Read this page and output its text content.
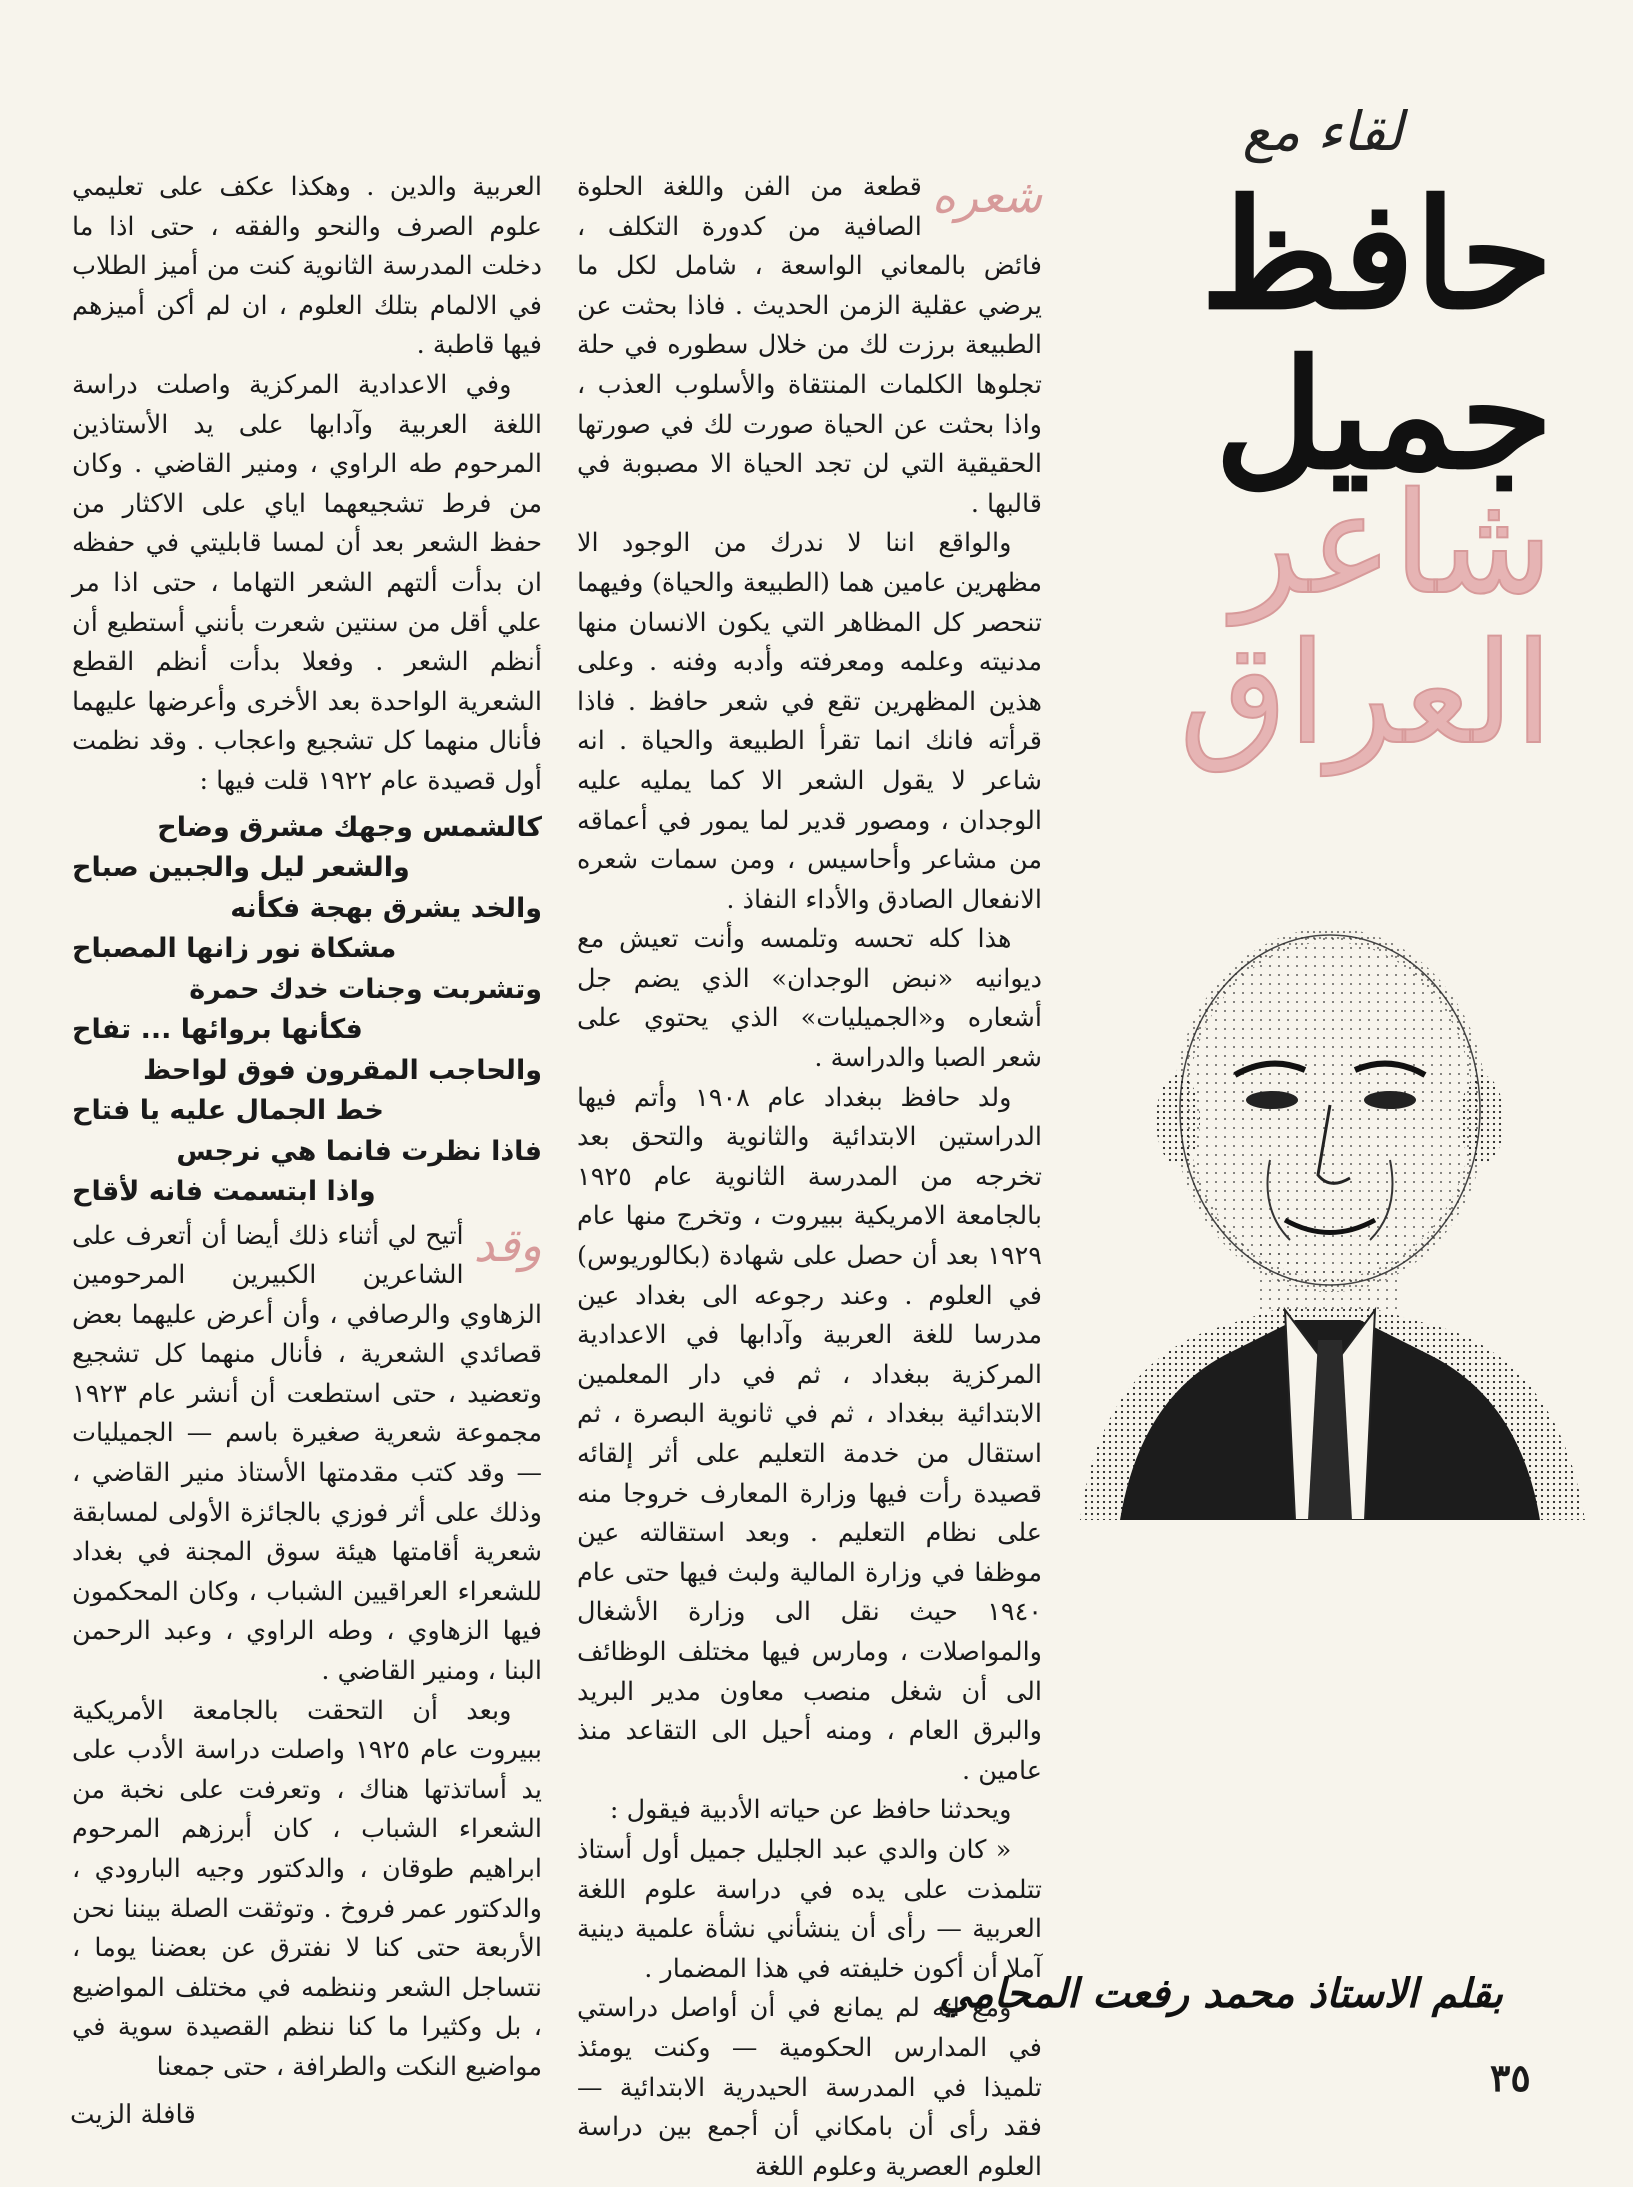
لقاء مع
حافظ جميل
شاعر العراق
بقلم الاستاذ محمد رفعت المحامي
٣٥
قافلة الزيت
شعره

قطعة من الفن واللغة الحلوة الصافية من كدورة التكلف ، فائض بالمعاني الواسعة ، شامل لكل ما يرضي عقلية الزمن الحديث . فاذا بحثت عن الطبيعة برزت لك من خلال سطوره في حلة تجلوها الكلمات المنتقاة والأسلوب العذب ، واذا بحثت عن الحياة صورت لك في صورتها الحقيقية التي لن تجد الحياة الا مصبوبة في قالبها .

والواقع اننا لا ندرك من الوجود الا مظهرين عامين هما (الطبيعة والحياة) وفيهما تنحصر كل المظاهر التي يكون الانسان منها مدنيته وعلمه ومعرفته وأدبه وفنه . وعلى هذين المظهرين تقع في شعر حافظ . فاذا قرأته فانك انما تقرأ الطبيعة والحياة . انه شاعر لا يقول الشعر الا كما يمليه عليه الوجدان ، ومصور قدير لما يمور في أعماقه من مشاعر وأحاسيس ، ومن سمات شعره الانفعال الصادق والأداء النفاذ .

هذا كله تحسه وتلمسه وأنت تعيش مع ديوانيه «نبض الوجدان» الذي يضم جل أشعاره و«الجميليات» الذي يحتوي على شعر الصبا والدراسة .

ولد حافظ ببغداد عام ١٩٠٨ وأتم فيها الدراستين الابتدائية والثانوية والتحق بعد تخرجه من المدرسة الثانوية عام ١٩٢٥ بالجامعة الامريكية ببيروت ، وتخرج منها عام ١٩٢٩ بعد أن حصل على شهادة (بكالوريوس) في العلوم . وعند رجوعه الى بغداد عين مدرسا للغة العربية وآدابها في الاعدادية المركزية ببغداد ، ثم في دار المعلمين الابتدائية ببغداد ، ثم في ثانوية البصرة ، ثم استقال من خدمة التعليم على أثر إلقائه قصيدة رأت فيها وزارة المعارف خروجا منه على نظام التعليم . وبعد استقالته عين موظفا في وزارة المالية ولبث فيها حتى عام ١٩٤٠ حيث نقل الى وزارة الأشغال والمواصلات ، ومارس فيها مختلف الوظائف الى أن شغل منصب معاون مدير البريد والبرق العام ، ومنه أحيل الى التقاعد منذ عامين .

ويحدثنا حافظ عن حياته الأدبية فيقول :

« كان والدي عبد الجليل جميل أول أستاذ تتلمذت على يده في دراسة علوم اللغة العربية — رأى أن ينشأني نشأة علمية دينية آملا أن أكون خليفته في هذا المضمار .

ومع انه لم يمانع في أن أواصل دراستي في المدارس الحكومية — وكنت يومئذ تلميذا في المدرسة الحيدرية الابتدائية — فقد رأى أن بامكاني أن أجمع بين دراسة العلوم العصرية وعلوم اللغة

العربية والدين . وهكذا عكف على تعليمي علوم الصرف والنحو والفقه ، حتى اذا ما دخلت المدرسة الثانوية كنت من أميز الطلاب في الالمام بتلك العلوم ، ان لم أكن أميزهم فيها قاطبة .

وفي الاعدادية المركزية واصلت دراسة اللغة العربية وآدابها على يد الأستاذين المرحوم طه الراوي ، ومنير القاضي . وكان من فرط تشجيعهما اياي على الاكثار من حفظ الشعر بعد أن لمسا قابليتي في حفظه ان بدأت ألتهم الشعر التهاما ، حتى اذا مر علي أقل من سنتين شعرت بأنني أستطيع أن أنظم الشعر . وفعلا بدأت أنظم القطع الشعرية الواحدة بعد الأخرى وأعرضها عليهما فأنال منهما كل تشجيع واعجاب . وقد نظمت أول قصيدة عام ١٩٢٢ قلت فيها :

كالشمس وجهك مشرق وضاح
والشعر ليل والجبين صباح
والخد يشرق بهجة فكأنه
مشكاة نور زانها المصباح
وتشربت وجنات خدك حمرة
فكأنها بروائها ... تفاح
والحاجب المقرون فوق لواحظ
خط الجمال عليه يا فتاح
فاذا نظرت فانما هي نرجس
واذا ابتسمت فانه لأقاح
وقد

أتيح لي أثناء ذلك أيضا أن أتعرف على الشاعرين الكبيرين المرحومين الزهاوي والرصافي ، وأن أعرض عليهما بعض قصائدي الشعرية ، فأنال منهما كل تشجيع وتعضيد ، حتى استطعت أن أنشر عام ١٩٢٣ مجموعة شعرية صغيرة باسم — الجميليات — وقد كتب مقدمتها الأستاذ منير القاضي ، وذلك على أثر فوزي بالجائزة الأولى لمسابقة شعرية أقامتها هيئة سوق المجنة في بغداد للشعراء العراقيين الشباب ، وكان المحكمون فيها الزهاوي ، وطه الراوي ، وعبد الرحمن البنا ، ومنير القاضي .

وبعد أن التحقت بالجامعة الأمريكية ببيروت عام ١٩٢٥ واصلت دراسة الأدب على يد أساتذتها هناك ، وتعرفت على نخبة من الشعراء الشباب ، كان أبرزهم المرحوم ابراهيم طوقان ، والدكتور وجيه البارودي ، والدكتور عمر فروخ . وتوثقت الصلة بيننا نحن الأربعة حتى كنا لا نفترق عن بعضنا يوما ، نتساجل الشعر وننظمه في مختلف المواضيع ، بل وكثيرا ما كنا ننظم القصيدة سوية في مواضيع النكت والطرافة ، حتى جمعنا
